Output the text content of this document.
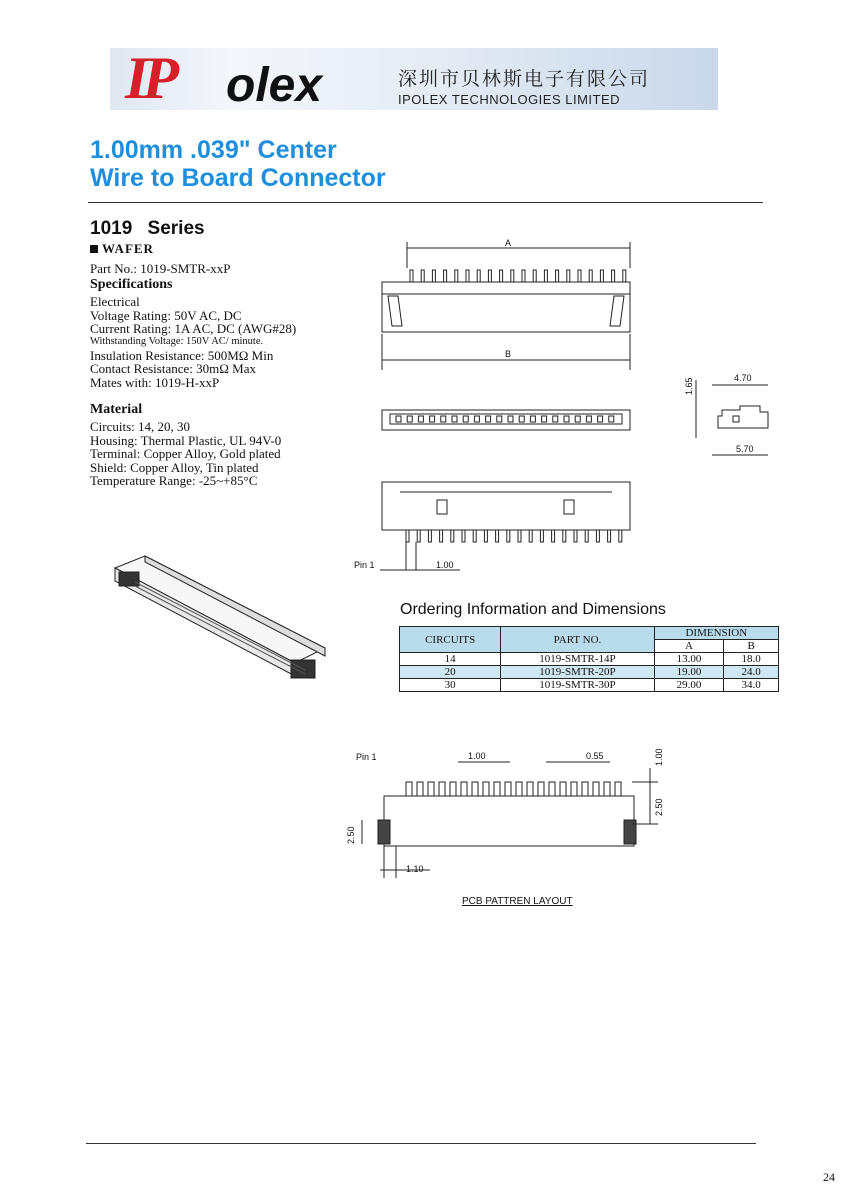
IP olex	深圳市贝林斯电子有限公司
IPOLEX TECHNOLOGIES LIMITED
1.00mm .039" Center
Wire to Board Connector
1019 Series
WAFER
Part No.: 1019-SMTR-xxP
Specifications
Electrical
Voltage Rating: 50V AC, DC
Current Rating: 1A AC, DC (AWG#28)
Withstanding Voltage: 150V AC/ minute.
Insulation Resistance: 500MΩ Min
Contact Resistance: 30mΩ Max
Mates with: 1019-H-xxP
Material
Circuits: 14, 20, 30
Housing: Thermal Plastic, UL 94V-0
Terminal: Copper Alloy, Gold plated
Shield: Copper Alloy, Tin plated
Temperature Range: -25~+85°C
A
B
1.65	4.70
5.70
Pin 1	1.00
Ordering Information and Dimensions
CIRCUITS	PART NO.	DIMENSION	
		A	B
14	1019-SMTR-14P	13.00	18.0
20	1019-SMTR-20P	19.00	24.0
30	1019-SMTR-30P	29.00	34.0
Pin 1	1.00	0.55	1.00
2.50
2.50
1.10
PCB PATTREN LAYOUT
24
